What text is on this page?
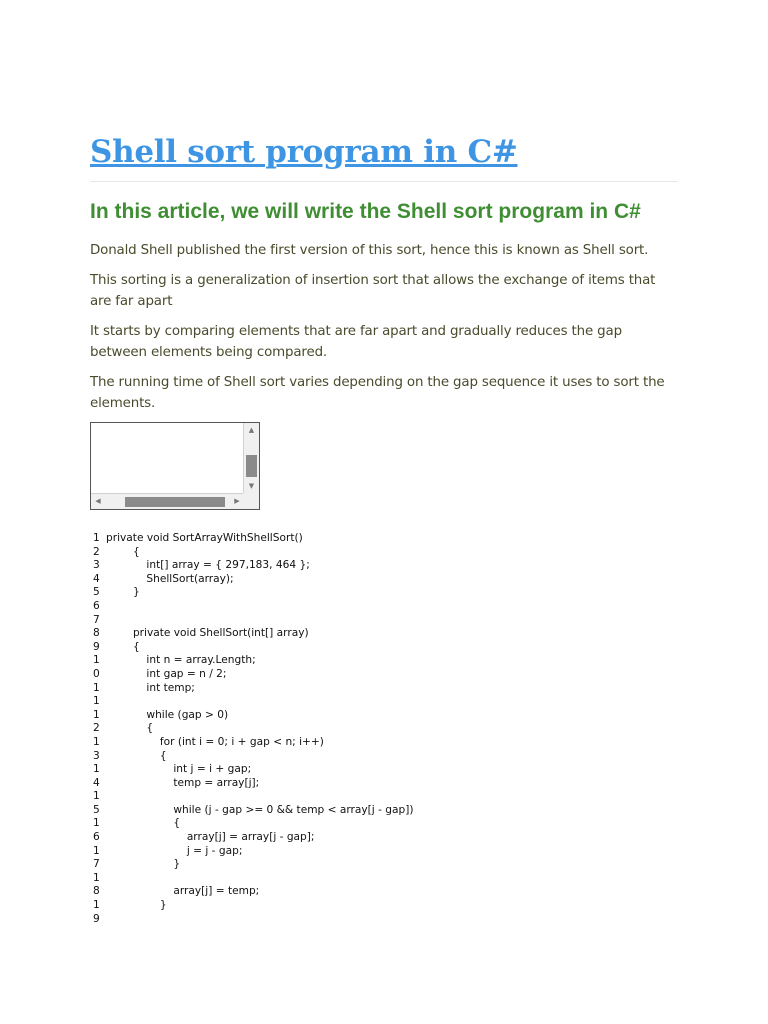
Shell sort program in C#
In this article, we will write the Shell sort program in C#

Donald Shell published the first version of this sort, hence this is known as Shell sort.

This sorting is a generalization of insertion sort that allows the exchange of items that are far apart

It starts by comparing elements that are far apart and gradually reduces the gap between elements being compared.

The running time of Shell sort varies depending on the gap sequence it uses to sort the elements.

▲
▼
◀	▶
1 private void SortArrayWithShellSort()
2 {
3 int[] array = { 297,183, 464 };
4 ShellSort(array);
5 }
6
7
8 private void ShellSort(int[] array)
9 {
1 int n = array.Length;
0 int gap = n / 2;
1 int temp;
1
1 while (gap > 0)
2 {
1 for (int i = 0; i + gap < n; i++)
3 {
1 int j = i + gap;
4 temp = array[j];
1
5 while (j - gap >= 0 && temp < array[j - gap])
1 {
6 array[j] = array[j - gap];
1 j = j - gap;
7 }
1
8 array[j] = temp;
1 }
9
